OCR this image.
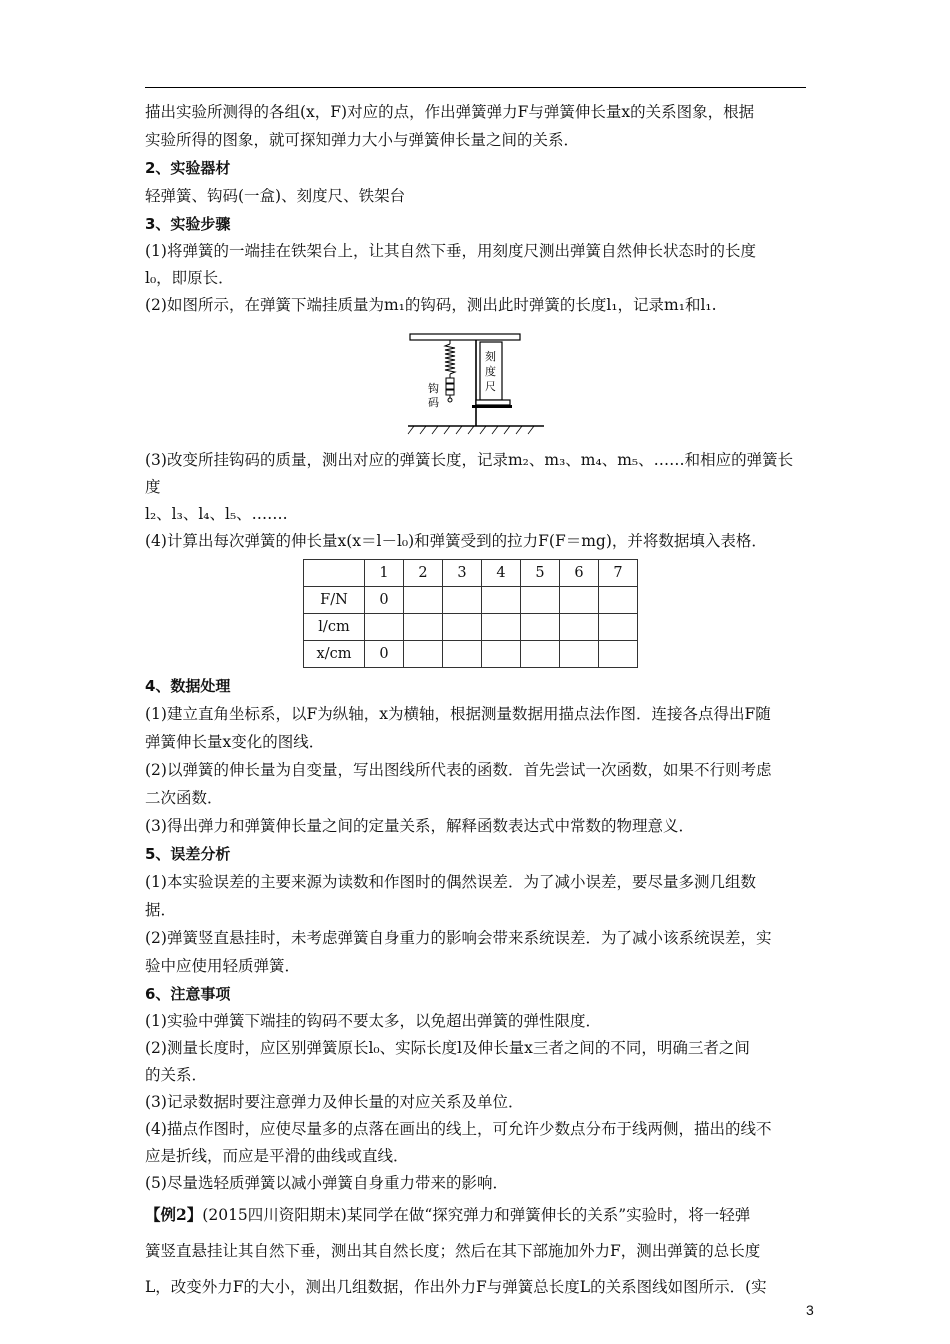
描出实验所测得的各组(x，F)对应的点，作出弹簧弹力F与弹簧伸长量x的关系图象，根据

实验所得的图象，就可探知弹力大小与弹簧伸长量之间的关系．

2、实验器材

轻弹簧、钩码(一盒)、刻度尺、铁架台

3、实验步骤

(1)将弹簧的一端挂在铁架台上，让其自然下垂，用刻度尺测出弹簧自然伸长状态时的长度

l₀，即原长．

(2)如图所示，在弹簧下端挂质量为m₁的钩码，测出此时弹簧的长度l₁，记录m₁和l₁.

钩
码
刻
度
尺

(3)改变所挂钩码的质量，测出对应的弹簧长度，记录m₂、m₃、m₄、m₅、……和相应的弹簧长度

l₂、l₃、l₄、l₅、…….

(4)计算出每次弹簧的伸长量x(x＝l－l₀)和弹簧受到的拉力F(F＝mg)，并将数据填入表格．

	1	2	3	4	5	6	7
F/N	0						
l/cm							
x/cm	0						

4、数据处理

(1)建立直角坐标系，以F为纵轴，x为横轴，根据测量数据用描点法作图．连接各点得出F随

弹簧伸长量x变化的图线．

(2)以弹簧的伸长量为自变量，写出图线所代表的函数．首先尝试一次函数，如果不行则考虑

二次函数．

(3)得出弹力和弹簧伸长量之间的定量关系，解释函数表达式中常数的物理意义．

5、误差分析

(1)本实验误差的主要来源为读数和作图时的偶然误差．为了减小误差，要尽量多测几组数

据．

(2)弹簧竖直悬挂时，未考虑弹簧自身重力的影响会带来系统误差．为了减小该系统误差，实

验中应使用轻质弹簧．

6、注意事项

(1)实验中弹簧下端挂的钩码不要太多，以免超出弹簧的弹性限度．

(2)测量长度时，应区别弹簧原长l₀、实际长度l及伸长量x三者之间的不同，明确三者之间

的关系．

(3)记录数据时要注意弹力及伸长量的对应关系及单位．

(4)描点作图时，应使尽量多的点落在画出的线上，可允许少数点分布于线两侧，描出的线不

应是折线，而应是平滑的曲线或直线．

(5)尽量选轻质弹簧以减小弹簧自身重力带来的影响．

【例2】(2015四川资阳期末)某同学在做“探究弹力和弹簧伸长的关系”实验时，将一轻弹

簧竖直悬挂让其自然下垂，测出其自然长度；然后在其下部施加外力F，测出弹簧的总长度

L，改变外力F的大小，测出几组数据，作出外力F与弹簧总长度L的关系图线如图所示．(实

3
